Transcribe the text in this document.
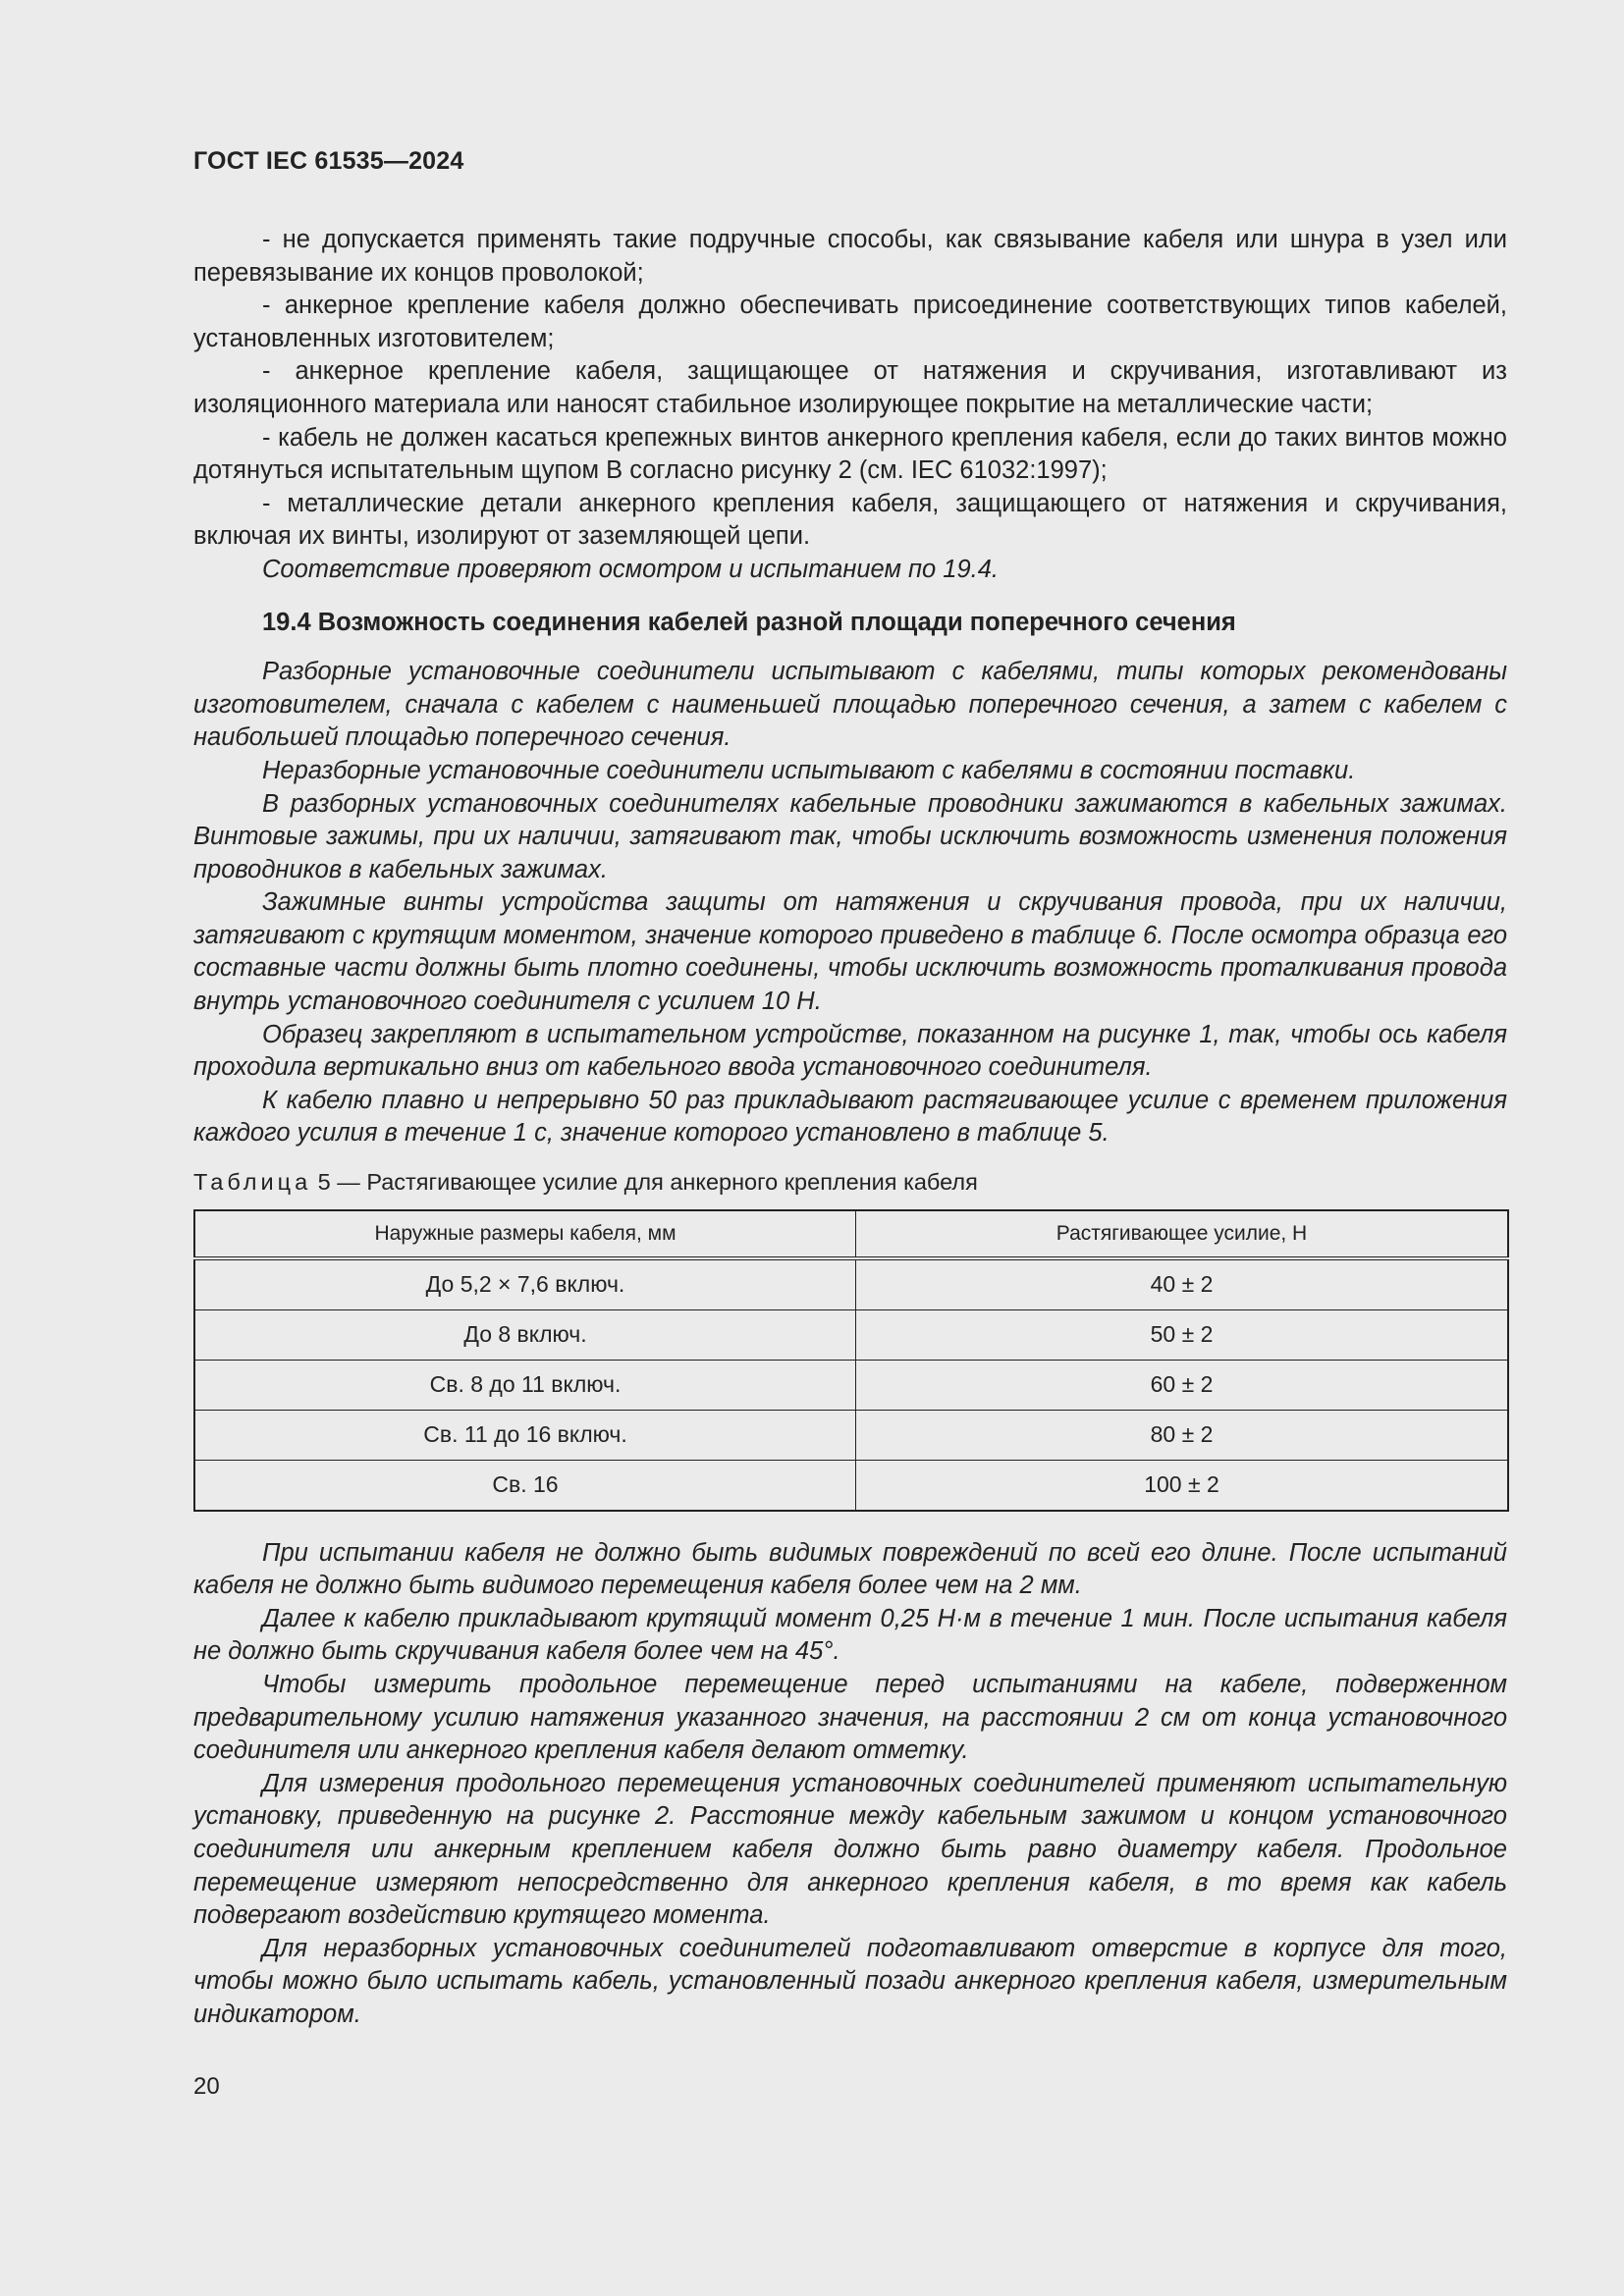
ГОСТ IEC 61535—2024

- не допускается применять такие подручные способы, как связывание кабеля или шнура в узел или перевязывание их концов проволокой;

- анкерное крепление кабеля должно обеспечивать присоединение соответствующих типов кабелей, установленных изготовителем;

- анкерное крепление кабеля, защищающее от натяжения и скручивания, изготавливают из изоляционного материала или наносят стабильное изолирующее покрытие на металлические части;

- кабель не должен касаться крепежных винтов анкерного крепления кабеля, если до таких винтов можно дотянуться испытательным щупом В согласно рисунку 2 (см. IEC 61032:1997);

- металлические детали анкерного крепления кабеля, защищающего от натяжения и скручивания, включая их винты, изолируют от заземляющей цепи.

Соответствие проверяют осмотром и испытанием по 19.4.

19.4 Возможность соединения кабелей разной площади поперечного сечения

Разборные установочные соединители испытывают с кабелями, типы которых рекомендованы изготовителем, сначала с кабелем с наименьшей площадью поперечного сечения, а затем с кабелем с наибольшей площадью поперечного сечения.

Неразборные установочные соединители испытывают с кабелями в состоянии поставки.

В разборных установочных соединителях кабельные проводники зажимаются в кабельных зажимах. Винтовые зажимы, при их наличии, затягивают так, чтобы исключить возможность изменения положения проводников в кабельных зажимах.

Зажимные винты устройства защиты от натяжения и скручивания провода, при их наличии, затягивают с крутящим моментом, значение которого приведено в таблице 6. После осмотра образца его составные части должны быть плотно соединены, чтобы исключить возможность проталкивания провода внутрь установочного соединителя с усилием 10 Н.

Образец закрепляют в испытательном устройстве, показанном на рисунке 1, так, чтобы ось кабеля проходила вертикально вниз от кабельного ввода установочного соединителя.

К кабелю плавно и непрерывно 50 раз прикладывают растягивающее усилие с временем приложения каждого усилия в течение 1 с, значение которого установлено в таблице 5.

Таблица 5 — Растягивающее усилие для анкерного крепления кабеля
Наружные размеры кабеля, мм	Растягивающее усилие, Н
До 5,2 × 7,6 включ.	40 ± 2
До 8 включ.	50 ± 2
Св. 8 до 11 включ.	60 ± 2
Св. 11 до 16 включ.	80 ± 2
Св. 16	100 ± 2

При испытании кабеля не должно быть видимых повреждений по всей его длине. После испытаний кабеля не должно быть видимого перемещения кабеля более чем на 2 мм.

Далее к кабелю прикладывают крутящий момент 0,25 Н·м в течение 1 мин. После испытания кабеля не должно быть скручивания кабеля более чем на 45°.

Чтобы измерить продольное перемещение перед испытаниями на кабеле, подверженном предварительному усилию натяжения указанного значения, на расстоянии 2 см от конца установочного соединителя или анкерного крепления кабеля делают отметку.

Для измерения продольного перемещения установочных соединителей применяют испытательную установку, приведенную на рисунке 2. Расстояние между кабельным зажимом и концом установочного соединителя или анкерным креплением кабеля должно быть равно диаметру кабеля. Продольное перемещение измеряют непосредственно для анкерного крепления кабеля, в то время как кабель подвергают воздействию крутящего момента.

Для неразборных установочных соединителей подготавливают отверстие в корпусе для того, чтобы можно было испытать кабель, установленный позади анкерного крепления кабеля, измерительным индикатором.

20
